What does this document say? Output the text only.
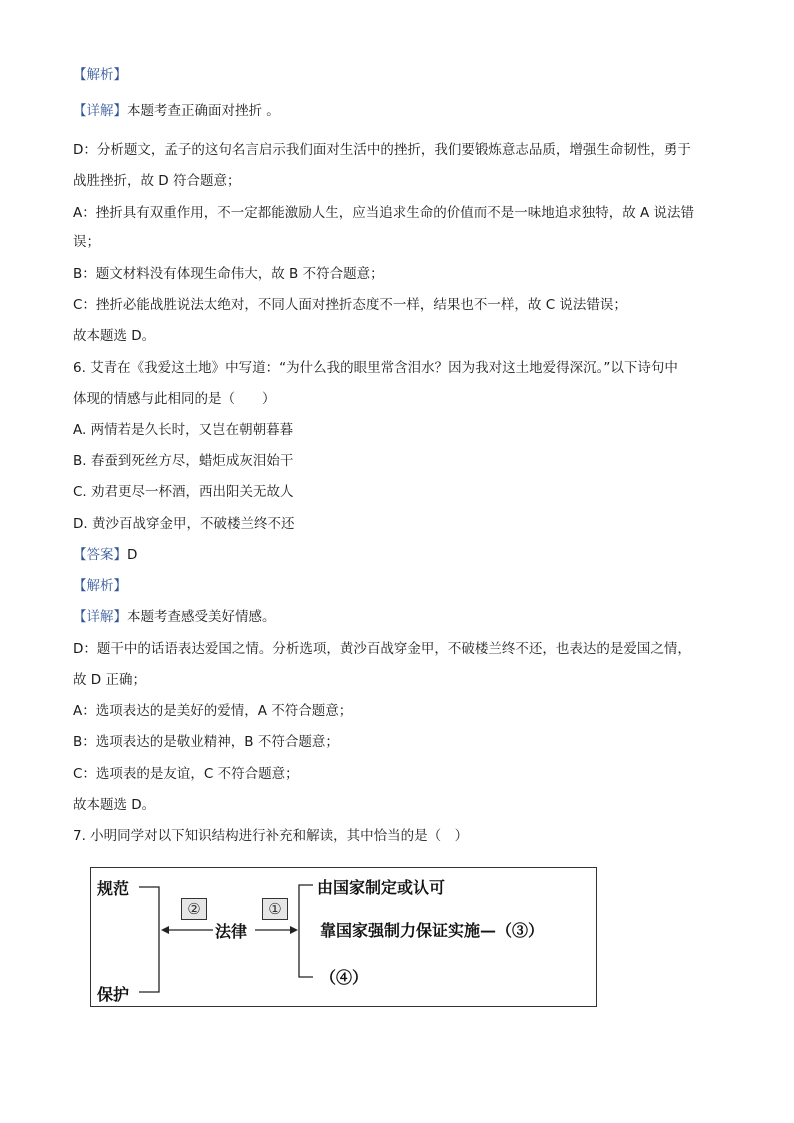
【解析】
【详解】本题考查正确面对挫折 。
D：分析题文，孟子的这句名言启示我们面对生活中的挫折，我们要锻炼意志品质，增强生命韧性，勇于
战胜挫折，故 D 符合题意；
A：挫折具有双重作用，不一定都能激励人生，应当追求生命的价值而不是一味地追求独特，故 A 说法错
误；
B：题文材料没有体现生命伟大，故 B 不符合题意；
C：挫折必能战胜说法太绝对，不同人面对挫折态度不一样，结果也不一样，故 C 说法错误；
故本题选 D。
6. 艾青在《我爱这土地》中写道：“为什么我的眼里常含泪水？因为我对这土地爱得深沉。”以下诗句中
体现的情感与此相同的是（　　）
A. 两情若是久长时，又岂在朝朝暮暮
B. 春蚕到死丝方尽，蜡炬成灰泪始干
C. 劝君更尽一杯酒，西出阳关无故人
D. 黄沙百战穿金甲，不破楼兰终不还
【答案】D
【解析】
【详解】本题考查感受美好情感。
D：题干中的话语表达爱国之情。分析选项，黄沙百战穿金甲，不破楼兰终不还，也表达的是爱国之情，
故 D 正确；
A：选项表达的是美好的爱情，A 不符合题意；
B：选项表达的是敬业精神，B 不符合题意；
C：选项表的是友谊，C 不符合题意；
故本题选 D。
7. 小明同学对以下知识结构进行补充和解读，其中恰当的是（　）
规范
保护
②	①
法律
由国家制定或认可
靠国家强制力保证实施—（③）
（④）
